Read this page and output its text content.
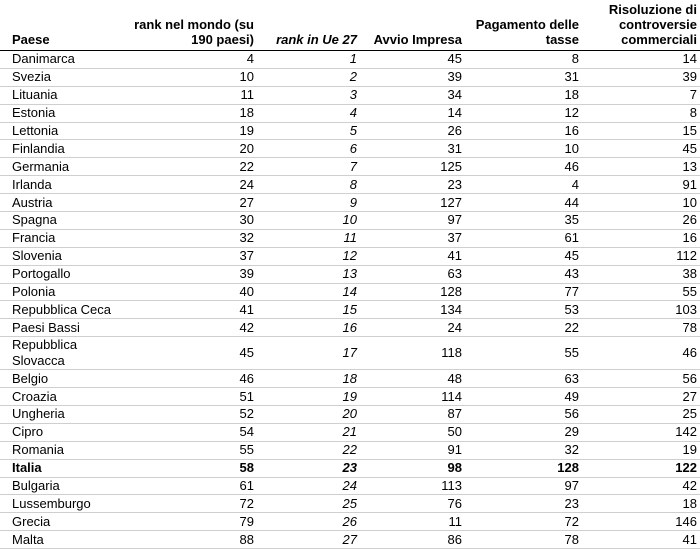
Paese	rank nel mondo (su 190 paesi)	rank in Ue 27	Avvio Impresa	Pagamento delle tasse	Risoluzione di controversie commerciali
Danimarca	4	1	45	8	14
Svezia	10	2	39	31	39
Lituania	11	3	34	18	7
Estonia	18	4	14	12	8
Lettonia	19	5	26	16	15
Finlandia	20	6	31	10	45
Germania	22	7	125	46	13
Irlanda	24	8	23	4	91
Austria	27	9	127	44	10
Spagna	30	10	97	35	26
Francia	32	11	37	61	16
Slovenia	37	12	41	45	112
Portogallo	39	13	63	43	38
Polonia	40	14	128	77	55
Repubblica Ceca	41	15	134	53	103
Paesi Bassi	42	16	24	22	78
Repubblica Slovacca	45	17	118	55	46
Belgio	46	18	48	63	56
Croazia	51	19	114	49	27
Ungheria	52	20	87	56	25
Cipro	54	21	50	29	142
Romania	55	22	91	32	19
Italia	58	23	98	128	122
Bulgaria	61	24	113	97	42
Lussemburgo	72	25	76	23	18
Grecia	79	26	11	72	146
Malta	88	27	86	78	41
